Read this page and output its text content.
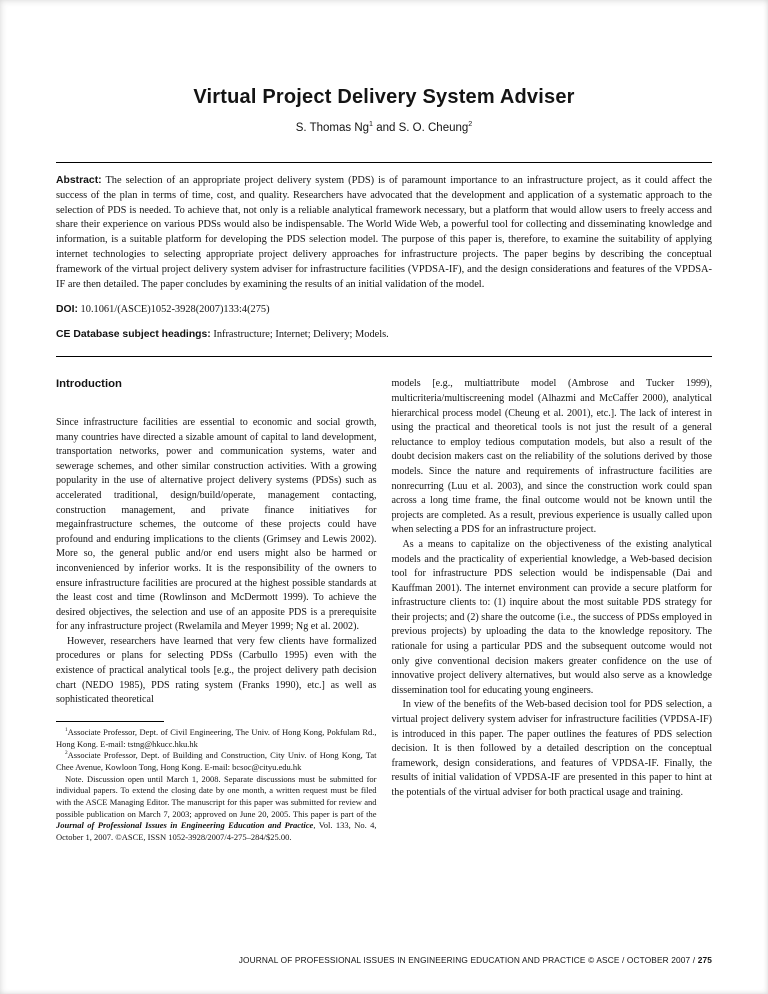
Virtual Project Delivery System Adviser
S. Thomas Ng$^1$ and S. O. Cheung$^2$

Abstract: The selection of an appropriate project delivery system (PDS) is of paramount importance to an infrastructure project, as it could affect the success of the plan in terms of time, cost, and quality. Researchers have advocated that the development and application of a systematic approach to the selection of PDS is needed. To achieve that, not only is a reliable analytical framework necessary, but a platform that would allow users to freely access and share their experience on various PDSs would also be indispensable. The World Wide Web, a powerful tool for collecting and disseminating knowledge and information, is a suitable platform for developing the PDS selection model. The purpose of this paper is, therefore, to examine the suitability of applying internet technologies to selecting appropriate project delivery approaches for infrastructure projects. The paper begins by describing the conceptual framework of the virtual project delivery system adviser for infrastructure facilities (VPDSA-IF), and the design considerations and features of the VPDSA-IF are then detailed. The paper concludes by examining the results of an initial validation of the model.

DOI: 10.1061/(ASCE)1052-3928(2007)133:4(275)

CE Database subject headings: Infrastructure; Internet; Delivery; Models.

Introduction

Since infrastructure facilities are essential to economic and social growth, many countries have directed a sizable amount of capital to land development, transportation networks, power and communication systems, water and sewerage schemes, and other similar construction activities. With a growing popularity in the use of alternative project delivery systems (PDSs) such as accelerated traditional, design/build/operate, management contacting, construction management, and private finance initiatives for megainfrastructure schemes, the outcome of these projects could have profound and enduring implications to the clients (Grimsey and Lewis 2002). More so, the general public and/or end users might also be harmed or inconvenienced by inferior works. It is the responsibility of the owners to ensure infrastructure facilities are procured at the highest possible standards at the least cost and time (Rowlinson and McDermott 1999). To achieve the desired objectives, the selection and use of an apposite PDS is a prerequisite for any infrastructure project (Rwelamila and Meyer 1999; Ng et al. 2002).

However, researchers have learned that very few clients have formalized procedures or plans for selecting PDSs (Carbullo 1995) even with the existence of practical analytical tools [e.g., the project delivery path decision chart (NEDO 1985), PDS rating system (Franks 1990), etc.] as well as sophisticated theoretical

$^1$Associate Professor, Dept. of Civil Engineering, The Univ. of Hong Kong, Pokfulam Rd., Hong Kong. E-mail: tstng@hkucc.hku.hk

$^2$Associate Professor, Dept. of Building and Construction, City Univ. of Hong Kong, Tat Chee Avenue, Kowloon Tong, Hong Kong. E-mail: bcsoc@cityu.edu.hk

Note. Discussion open until March 1, 2008. Separate discussions must be submitted for individual papers. To extend the closing date by one month, a written request must be filed with the ASCE Managing Editor. The manuscript for this paper was submitted for review and possible publication on March 7, 2003; approved on June 20, 2005. This paper is part of the Journal of Professional Issues in Engineering Education and Practice, Vol. 133, No. 4, October 1, 2007. ©ASCE, ISSN 1052-3928/2007/4-275–284/$25.00.

models [e.g., multiattribute model (Ambrose and Tucker 1999), multicriteria/multiscreening model (Alhazmi and McCaffer 2000), analytical hierarchical process model (Cheung et al. 2001), etc.]. The lack of interest in using the practical and theoretical tools is not just the result of a general reluctance to employ tedious computation models, but also a result of the doubt decision makers cast on the reliability of the solutions derived by those models. Since the nature and requirements of infrastructure facilities are nonrecurring (Luu et al. 2003), and since the construction work could span across a long time frame, the final outcome would not be known until the projects are completed. As a result, previous experience is usually called upon when selecting a PDS for an infrastructure project.

As a means to capitalize on the objectiveness of the existing analytical models and the practicality of experiential knowledge, a Web-based decision tool for infrastructure PDS selection would be indispensable (Dai and Kauffman 2001). The internet environment can provide a secure platform for infrastructure clients to: (1) inquire about the most suitable PDS strategy for their projects; and (2) share the outcome (i.e., the success of PDSs employed in previous projects) by uploading the data to the knowledge repository. The rationale for using a particular PDS and the subsequent outcome would not only give conventional decision makers greater confidence on the use of innovative project delivery alternatives, but would also serve as a knowledge dissemination tool for educating young engineers.

In view of the benefits of the Web-based decision tool for PDS selection, a virtual project delivery system adviser for infrastructure facilities (VPDSA-IF) is introduced in this paper. The paper outlines the features of PDS selection decision. It is then followed by a detailed description on the conceptual framework, design considerations, and features of VPDSA-IF. Finally, the results of initial validation of VPDSA-IF are presented in this paper to hint at the potentials of the virtual adviser for both practical usage and training.

JOURNAL OF PROFESSIONAL ISSUES IN ENGINEERING EDUCATION AND PRACTICE © ASCE / OCTOBER 2007 / 275
